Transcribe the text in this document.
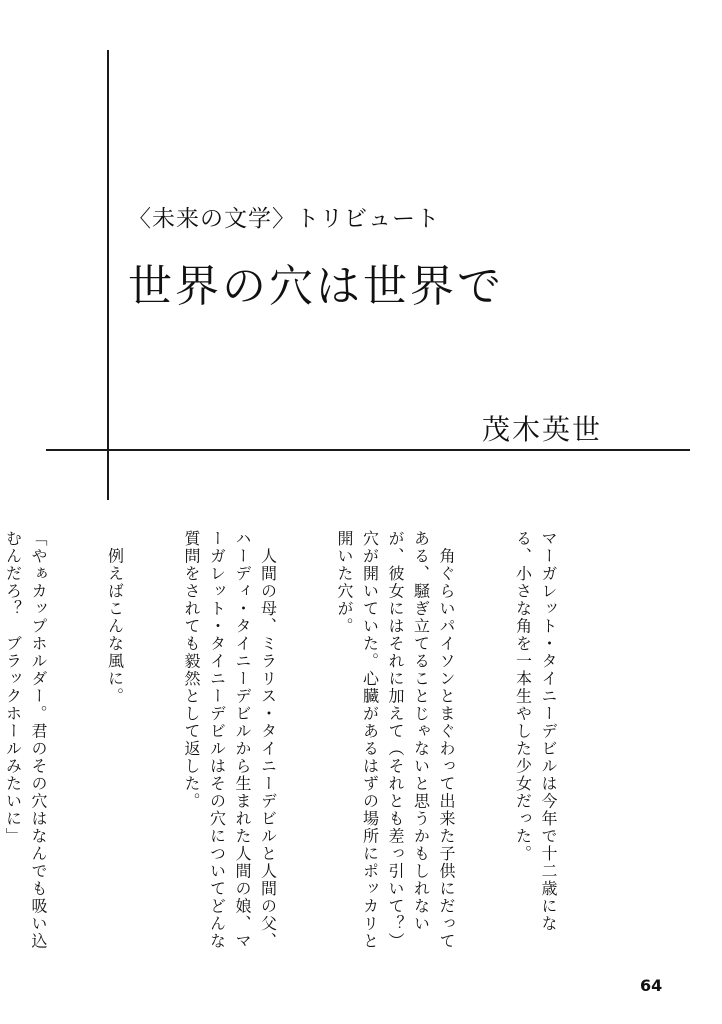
〈未来の文学〉トリビュート
世界の穴は世界で
茂木英世

マーガレット・タイニーデビルは今年で十二歳になる、小さな角を一本生やした少女だった。

　角ぐらいパイソンとまぐわって出来た子供にだってある、騒ぎ立てることじゃないと思うかもしれないが、彼女にはそれに加えて（それとも差っ引いて？）穴が開いていた。心臓があるはずの場所にポッカリと開いた穴が。

　人間の母、ミラリス・タイニーデビルと人間の父、ハーディ・タイニーデビルから生まれた人間の娘、マーガレット・タイニーデビルはその穴についてどんな質問をされても毅然として返した。

　例えばこんな風に。

「やぁカップホルダー。君のその穴はなんでも吸い込むんだろ？　ブラックホールみたいに」

64
